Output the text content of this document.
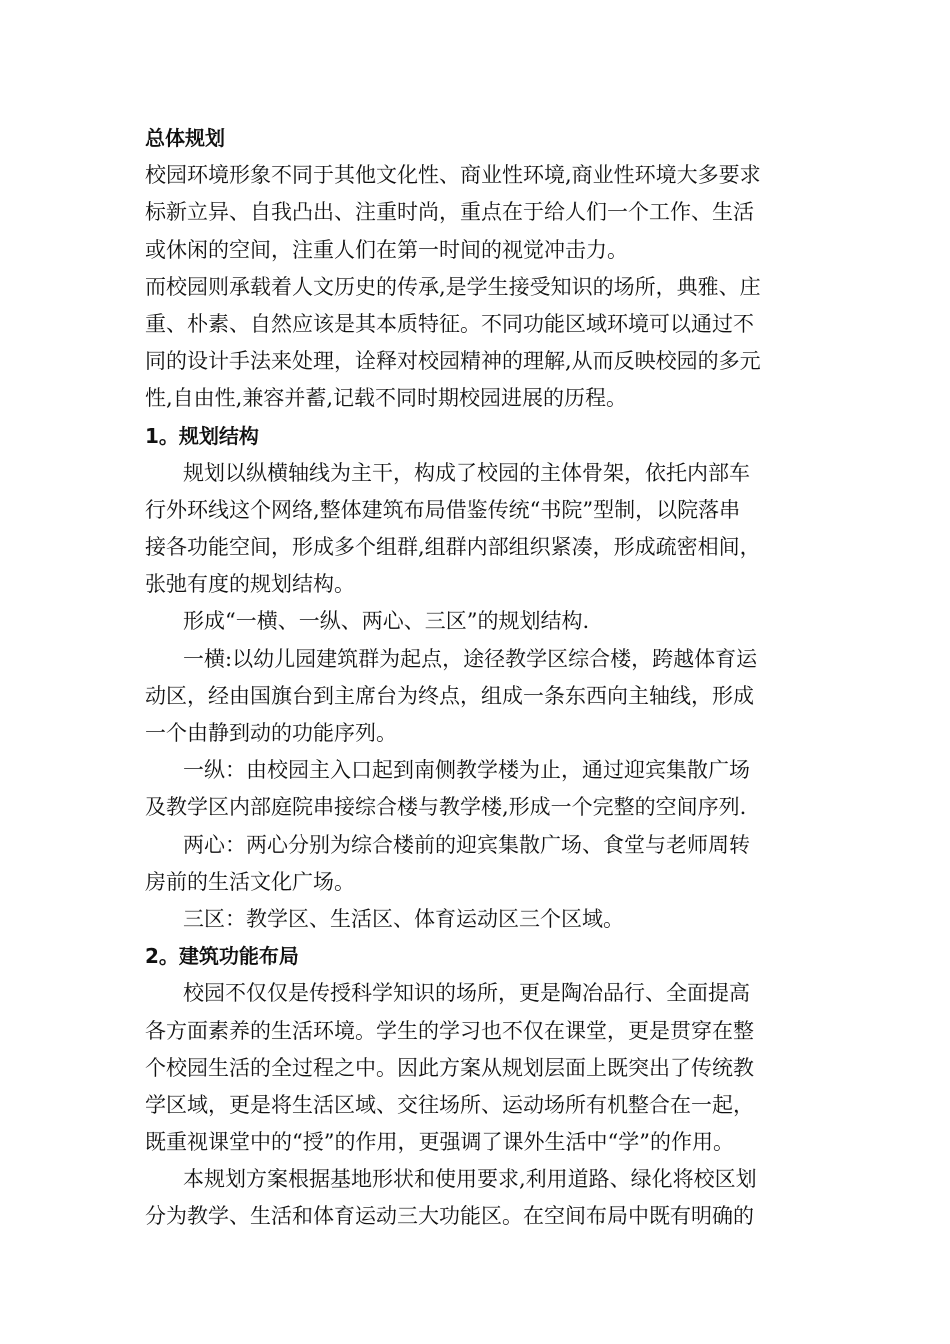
总体规划
校园环境形象不同于其他文化性、商业性环境,商业性环境大多要求
标新立异、自我凸出、注重时尚，重点在于给人们一个工作、生活
或休闲的空间，注重人们在第一时间的视觉冲击力。
而校园则承载着人文历史的传承,是学生接受知识的场所，典雅、庄
重、朴素、自然应该是其本质特征。不同功能区域环境可以通过不
同的设计手法来处理，诠释对校园精神的理解,从而反映校园的多元
性,自由性,兼容并蓄,记载不同时期校园进展的历程。
1。规划结构
规划以纵横轴线为主干，构成了校园的主体骨架，依托内部车
行外环线这个网络,整体建筑布局借鉴传统“书院”型制，以院落串
接各功能空间，形成多个组群,组群内部组织紧凑，形成疏密相间，
张弛有度的规划结构。
形成“一横、一纵、两心、三区”的规划结构.
一横:以幼儿园建筑群为起点，途径教学区综合楼，跨越体育运
动区，经由国旗台到主席台为终点，组成一条东西向主轴线，形成
一个由静到动的功能序列。
一纵：由校园主入口起到南侧教学楼为止，通过迎宾集散广场
及教学区内部庭院串接综合楼与教学楼,形成一个完整的空间序列.
两心：两心分别为综合楼前的迎宾集散广场、食堂与老师周转
房前的生活文化广场。
三区：教学区、生活区、体育运动区三个区域。
2。建筑功能布局
校园不仅仅是传授科学知识的场所，更是陶冶品行、全面提高
各方面素养的生活环境。学生的学习也不仅在课堂，更是贯穿在整
个校园生活的全过程之中。因此方案从规划层面上既突出了传统教
学区域，更是将生活区域、交往场所、运动场所有机整合在一起，
既重视课堂中的“授”的作用，更强调了课外生活中“学”的作用。
本规划方案根据基地形状和使用要求,利用道路、绿化将校区划
分为教学、生活和体育运动三大功能区。在空间布局中既有明确的
